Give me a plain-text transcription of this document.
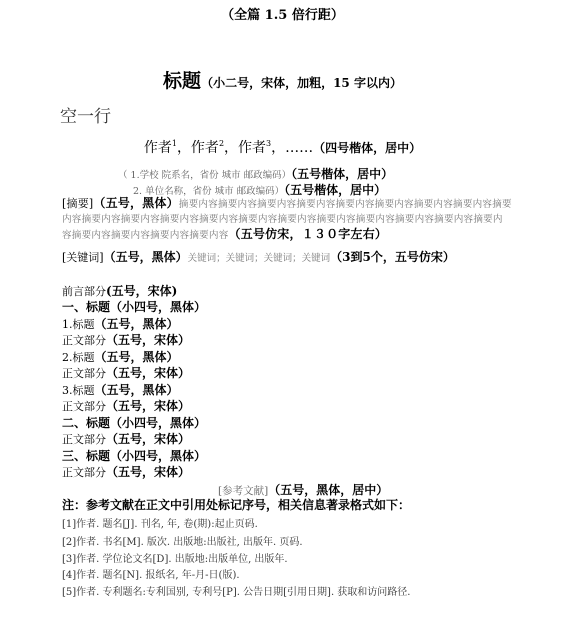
（全篇 1.5 倍行距）
标题（小二号，宋体，加粗，15 字以内）
空一行
作者$^1$，作者$^2$，作者$^3$，……（四号楷体，居中）
（ 1.学校 院系名，省份 城市 邮政编码）（五号楷体，居中）
2. 单位名称，省份 城市 邮政编码）（五号楷体，居中）
[摘要]（五号，黑体）摘要内容摘要内容摘要内容摘要内容摘要内容摘要内容摘要内容摘要内容摘要内容摘要内容摘要内容摘要内容摘要内容摘要内容摘要内容摘要内容摘要内容摘要内容摘要内容摘要内容摘要内容摘要内容摘要内容摘要内容（五号仿宋，１３０字左右）
[关键词]（五号，黑体）关键词；关键词；关键词；关键词（3到5个，五号仿宋）
前言部分(五号，宋体)
一、标题（小四号，黑体）
1.标题（五号，黑体）
正文部分（五号，宋体）
2.标题（五号，黑体）
正文部分（五号，宋体）
3.标题（五号，黑体）
正文部分（五号，宋体）
二、标题（小四号，黑体）
正文部分（五号，宋体）
三、标题（小四号，黑体）
正文部分（五号，宋体）
[参考文献]（五号，黑体，居中）
注：参考文献在正文中引用处标记序号，相关信息著录格式如下：
[1]作者. 题名[J]. 刊名, 年, 卷(期):起止页码.
[2]作者. 书名[M]. 版次. 出版地:出版社, 出版年. 页码.
[3]作者. 学位论文名[D]. 出版地:出版单位, 出版年.
[4]作者. 题名[N]. 报纸名, 年-月-日(版).
[5]作者. 专利题名:专利国别, 专利号[P]. 公告日期[引用日期]. 获取和访问路径.
